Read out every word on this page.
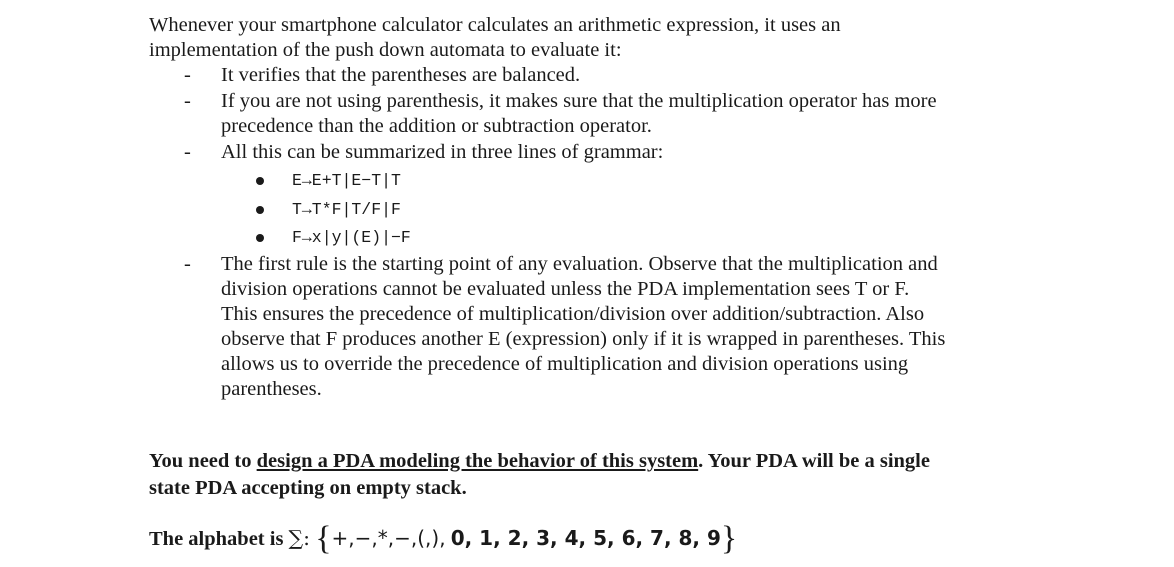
Whenever your smartphone calculator calculates an arithmetic expression, it uses an
implementation of the push down automata to evaluate it:
- It verifies that the parentheses are balanced.
- If you are not using parenthesis, it makes sure that the multiplication operator has more
precedence than the addition or subtraction operator.
- All this can be summarized in three lines of grammar:
E→E+T|E−T|T
T→T*F|T/F|F
F→x|y|(E)|−F
- The first rule is the starting point of any evaluation. Observe that the multiplication and
division operations cannot be evaluated unless the PDA implementation sees T or F.
This ensures the precedence of multiplication/division over addition/subtraction. Also
observe that F produces another E (expression) only if it is wrapped in parentheses. This
allows us to override the precedence of multiplication and division operations using
parentheses.
You need to design a PDA modeling the behavior of this system. Your PDA will be a single
state PDA accepting on empty stack.
The alphabet is ∑: {+,−,*,−,(,), 0, 1, 2, 3, 4, 5, 6, 7, 8, 9}
